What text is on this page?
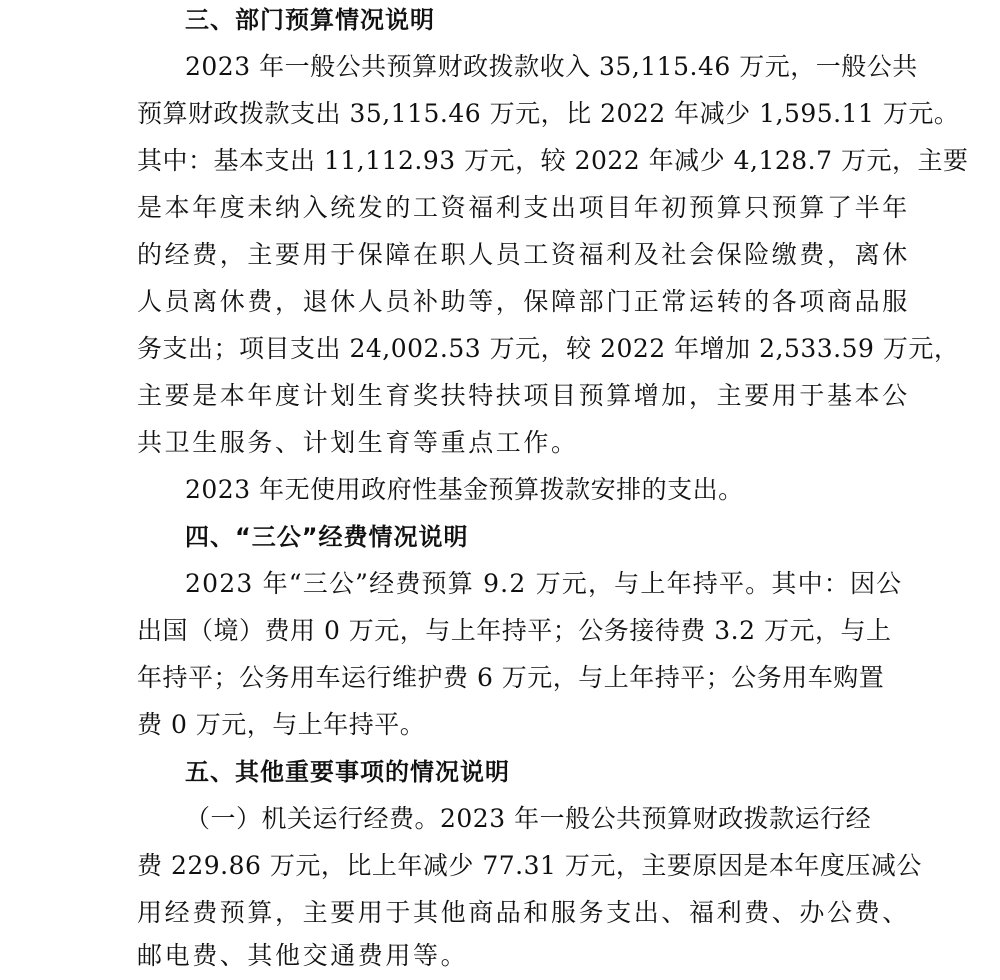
三、部门预算情况说明
2023 年一般公共预算财政拨款收入 35,115.46 万元，一般公共
预算财政拨款支出 35,115.46 万元，比 2022 年减少 1,595.11 万元。
其中：基本支出 11,112.93 万元，较 2022 年减少 4,128.7 万元，主要
是本年度未纳入统发的工资福利支出项目年初预算只预算了半年
的经费，主要用于保障在职人员工资福利及社会保险缴费，离休
人员离休费，退休人员补助等，保障部门正常运转的各项商品服
务支出；项目支出 24,002.53 万元，较 2022 年增加 2,533.59 万元，
主要是本年度计划生育奖扶特扶项目预算增加，主要用于基本公
共卫生服务、计划生育等重点工作。
2023 年无使用政府性基金预算拨款安排的支出。
四、“三公”经费情况说明
2023 年“三公”经费预算 9.2 万元，与上年持平。其中：因公
出国（境）费用 0 万元，与上年持平；公务接待费 3.2 万元，与上
年持平；公务用车运行维护费 6 万元，与上年持平；公务用车购置
费 0 万元，与上年持平。
五、其他重要事项的情况说明
（一）机关运行经费。2023 年一般公共预算财政拨款运行经
费 229.86 万元，比上年减少 77.31 万元，主要原因是本年度压减公
用经费预算，主要用于其他商品和服务支出、福利费、办公费、
邮电费、其他交通费用等。
